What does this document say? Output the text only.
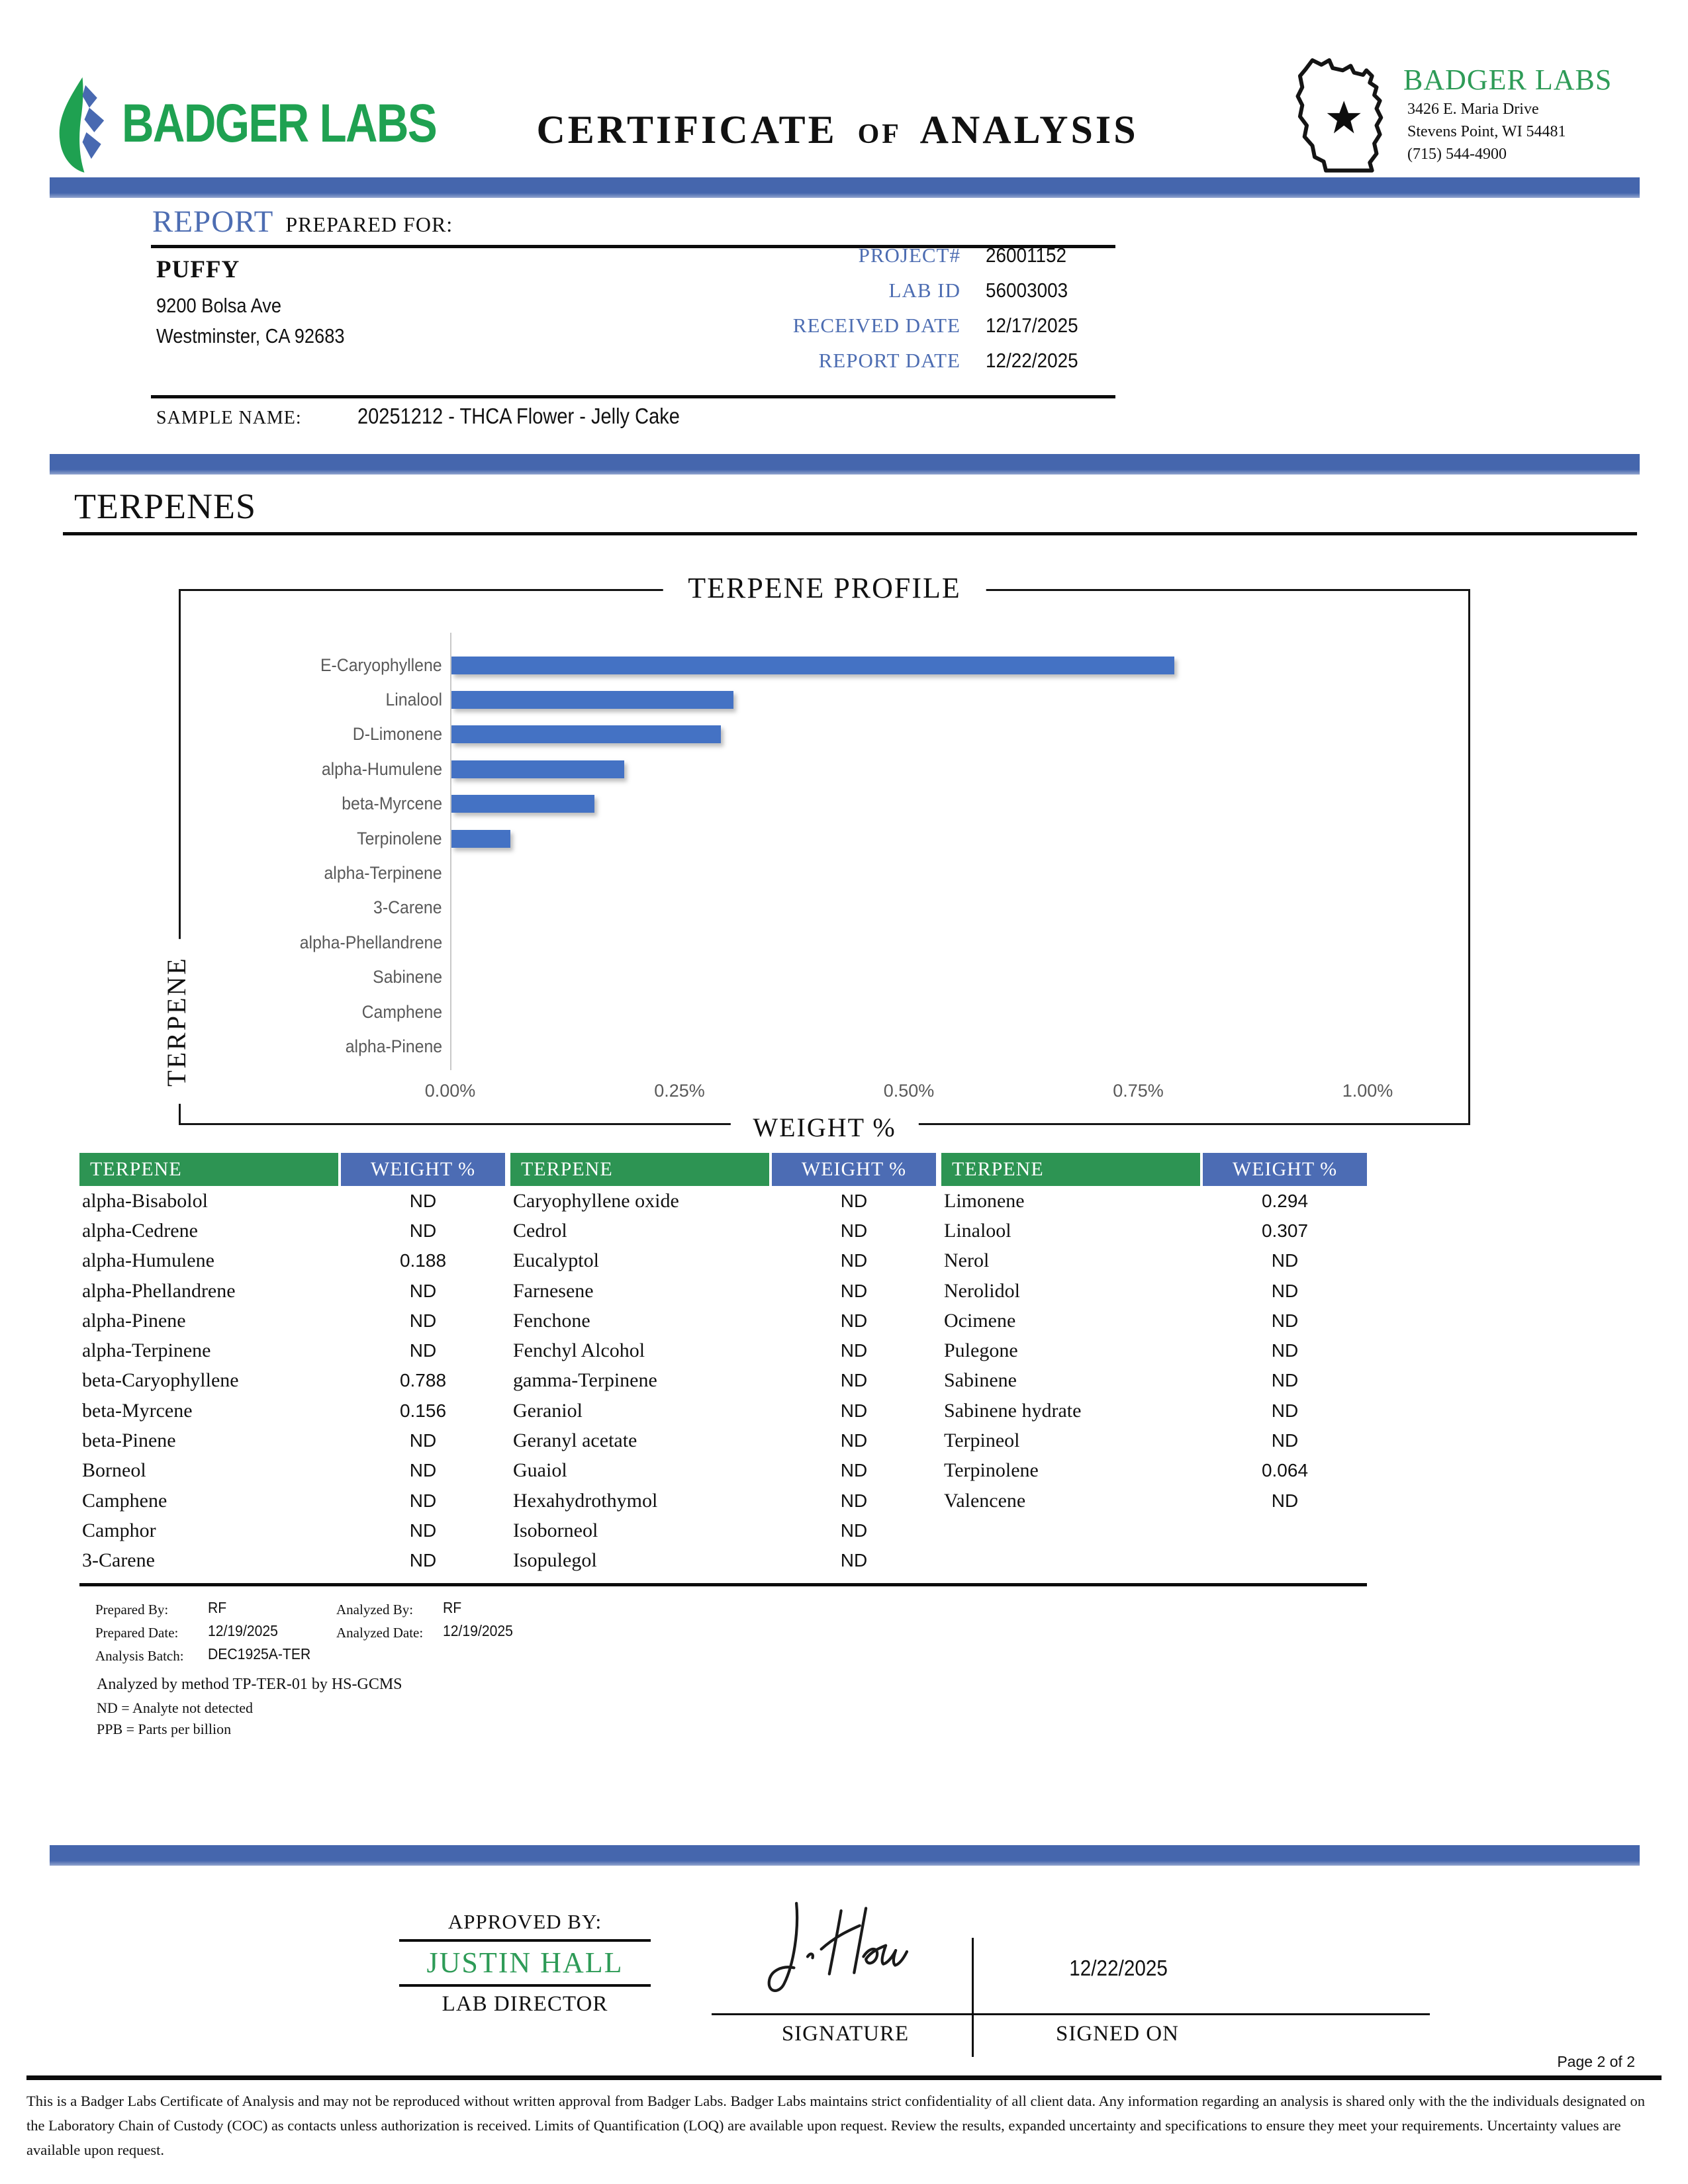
BADGER LABS	CERTIFICATE of ANALYSIS
BADGER LABS
3426 E. Maria Drive
Stevens Point, WI 54481
(715) 544-4900
REPORT PREPARED FOR:
PUFFY
9200 Bolsa Ave
Westminster, CA 92683
PROJECT# 26001152
LAB ID 56003003
RECEIVED DATE 12/17/2025
REPORT DATE 12/22/2025
SAMPLE NAME:	20251212 - THCA Flower - Jelly Cake
TERPENES
TERPENE PROFILE
TERPENE
WEIGHT %
E-Caryophyllene
Linalool
D-Limonene
alpha-Humulene
beta-Myrcene
Terpinolene
alpha-Terpinene
3-Carene
alpha-Phellandrene
Sabinene
Camphene
alpha-Pinene
0.00%	0.25%	0.50%	0.75%	1.00%
TERPENE	WEIGHT %
alpha-Bisabolol	ND
alpha-Cedrene	ND
alpha-Humulene	0.188
alpha-Phellandrene	ND
alpha-Pinene	ND
alpha-Terpinene	ND
beta-Caryophyllene	0.788
beta-Myrcene	0.156
beta-Pinene	ND
Borneol	ND
Camphene	ND
Camphor	ND
3-Carene	ND
TERPENE	WEIGHT %
Caryophyllene oxide	ND
Cedrol	ND
Eucalyptol	ND
Farnesene	ND
Fenchone	ND
Fenchyl Alcohol	ND
gamma-Terpinene	ND
Geraniol	ND
Geranyl acetate	ND
Guaiol	ND
Hexahydrothymol	ND
Isoborneol	ND
Isopulegol	ND
TERPENE	WEIGHT %
Limonene	0.294
Linalool	0.307
Nerol	ND
Nerolidol	ND
Ocimene	ND
Pulegone	ND
Sabinene	ND
Sabinene hydrate	ND
Terpineol	ND
Terpinolene	0.064
Valencene	ND
Prepared By:	RF	Analyzed By: RF
Prepared Date: 12/19/2025	Analyzed Date: 12/19/2025
Analysis Batch: DEC1925A-TER
Analyzed by method TP-TER-01 by HS-GCMS
ND = Analyte not detected
PPB = Parts per billion
APPROVED BY:
JUSTIN HALL
LAB DIRECTOR
12/22/2025
SIGNATURE	SIGNED ON
Page 2 of 2
This is a Badger Labs Certificate of Analysis and may not be reproduced without written approval from Badger Labs. Badger Labs maintains strict confidentiality of all client data. Any information regarding an analysis is shared only with the the individuals designated on the Laboratory Chain of Custody (COC) as contacts unless authorization is received. Limits of Quantification (LOQ) are available upon request. Review the results, expanded uncertainty and specifications to ensure they meet your requirements. Uncertainty values are available upon request.
